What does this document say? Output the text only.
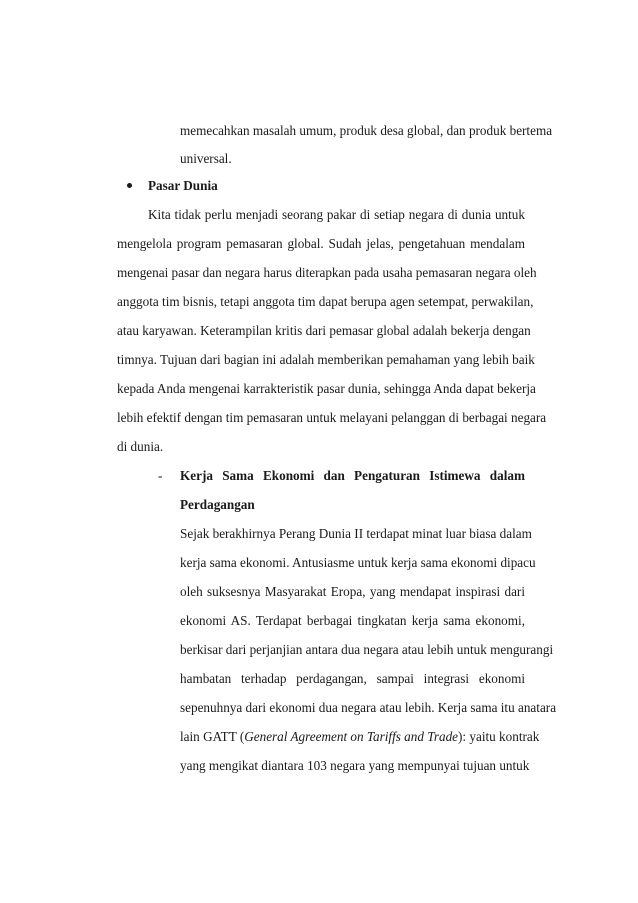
memecahkan masalah umum, produk desa global, dan produk bertema
universal.
Pasar Dunia
Kita tidak perlu menjadi seorang pakar di setiap negara di dunia untuk
mengelola program pemasaran global. Sudah jelas, pengetahuan mendalam
mengenai pasar dan negara harus diterapkan pada usaha pemasaran negara oleh
anggota tim bisnis, tetapi anggota tim dapat berupa agen setempat, perwakilan,
atau karyawan. Keterampilan kritis dari pemasar global adalah bekerja dengan
timnya. Tujuan dari bagian ini adalah memberikan pemahaman yang lebih baik
kepada Anda mengenai karrakteristik pasar dunia, sehingga Anda dapat bekerja
lebih efektif dengan tim pemasaran untuk melayani pelanggan di berbagai negara
di dunia.
- Kerja Sama Ekonomi dan Pengaturan Istimewa dalam
Perdagangan
Sejak berakhirnya Perang Dunia II terdapat minat luar biasa dalam
kerja sama ekonomi. Antusiasme untuk kerja sama ekonomi dipacu
oleh suksesnya Masyarakat Eropa, yang mendapat inspirasi dari
ekonomi AS. Terdapat berbagai tingkatan kerja sama ekonomi,
berkisar dari perjanjian antara dua negara atau lebih untuk mengurangi
hambatan terhadap perdagangan, sampai integrasi ekonomi
sepenuhnya dari ekonomi dua negara atau lebih. Kerja sama itu anatara
lain GATT (General Agreement on Tariffs and Trade): yaitu kontrak
yang mengikat diantara 103 negara yang mempunyai tujuan untuk
